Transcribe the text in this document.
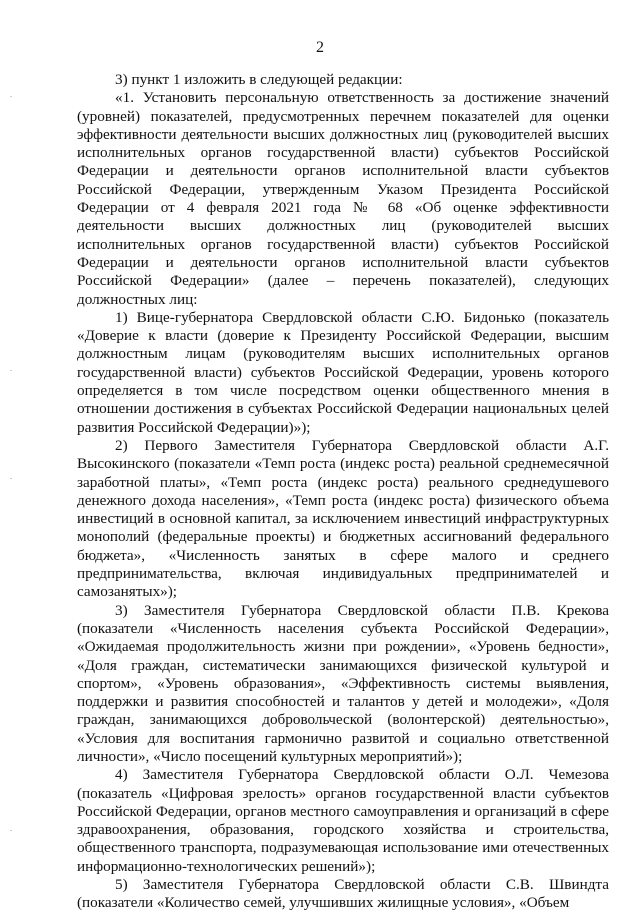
2

3) пункт 1 изложить в следующей редакции:

«1. Установить персональную ответственность за достижение значений (уровней) показателей, предусмотренных перечнем показателей для оценки эффективности деятельности высших должностных лиц (руководителей высших исполнительных органов государственной власти) субъектов Российской Федерации и деятельности органов исполнительной власти субъектов Российской Федерации, утвержденным Указом Президента Российской Федерации от 4 февраля 2021 года № 68 «Об оценке эффективности деятельности высших должностных лиц (руководителей высших исполнительных органов государственной власти) субъектов Российской Федерации и деятельности органов исполнительной власти субъектов Российской Федерации» (далее – перечень показателей), следующих должностных лиц:

1) Вице-губернатора Свердловской области С.Ю. Бидонько (показатель «Доверие к власти (доверие к Президенту Российской Федерации, высшим должностным лицам (руководителям высших исполнительных органов государственной власти) субъектов Российской Федерации, уровень которого определяется в том числе посредством оценки общественного мнения в отношении достижения в субъектах Российской Федерации национальных целей развития Российской Федерации)»);

2) Первого Заместителя Губернатора Свердловской области А.Г. Высокинского (показатели «Темп роста (индекс роста) реальной среднемесячной заработной платы», «Темп роста (индекс роста) реального среднедушевого денежного дохода населения», «Темп роста (индекс роста) физического объема инвестиций в основной капитал, за исключением инвестиций инфраструктурных монополий (федеральные проекты) и бюджетных ассигнований федерального бюджета», «Численность занятых в сфере малого и среднего предпринимательства, включая индивидуальных предпринимателей и самозанятых»);

3) Заместителя Губернатора Свердловской области П.В. Крекова (показатели «Численность населения субъекта Российской Федерации», «Ожидаемая продолжительность жизни при рождении», «Уровень бедности», «Доля граждан, систематически занимающихся физической культурой и спортом», «Уровень образования», «Эффективность системы выявления, поддержки и развития способностей и талантов у детей и молодежи», «Доля граждан, занимающихся добровольческой (волонтерской) деятельностью», «Условия для воспитания гармонично развитой и социально ответственной личности», «Число посещений культурных мероприятий»);

4) Заместителя Губернатора Свердловской области О.Л. Чемезова (показатель «Цифровая зрелость» органов государственной власти субъектов Российской Федерации, органов местного самоуправления и организаций в сфере здравоохранения, образования, городского хозяйства и строительства, общественного транспорта, подразумевающая использование ими отечественных информационно-технологических решений»);

5) Заместителя Губернатора Свердловской области С.В. Швиндта (показатели «Количество семей, улучшивших жилищные условия», «Объем
